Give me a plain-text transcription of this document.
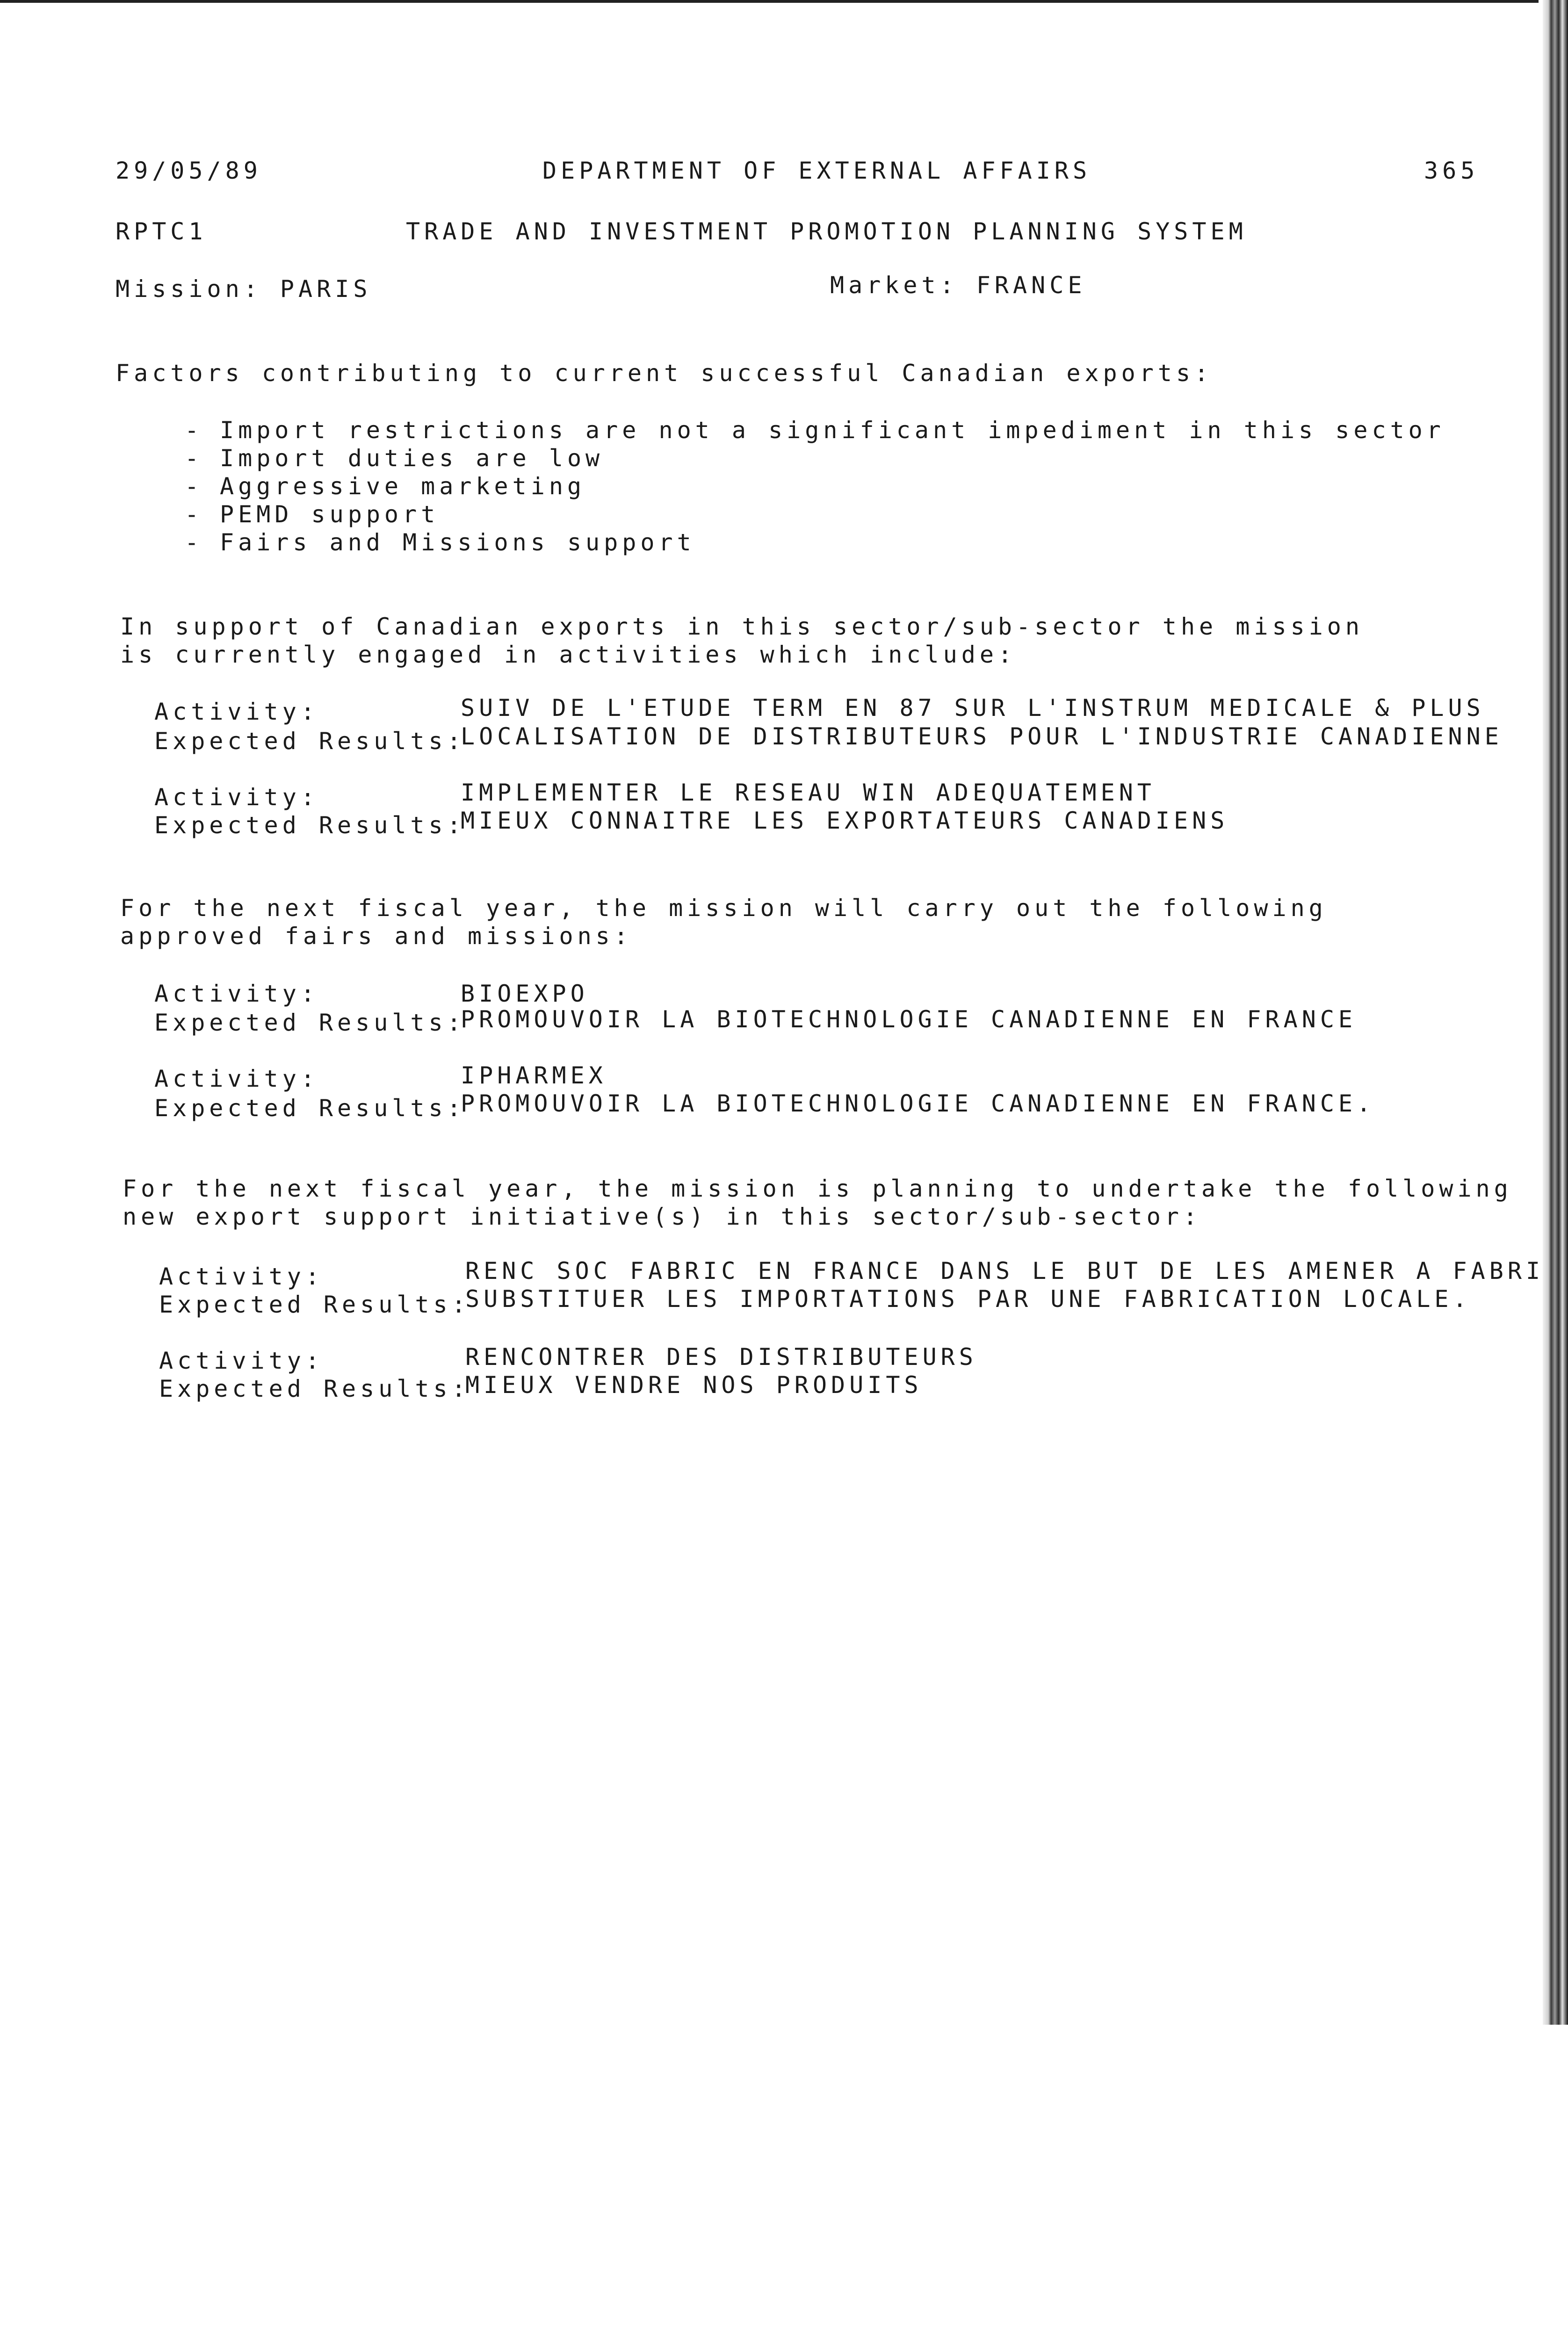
29/05/89

	DEPARTMENT OF EXTERNAL AFFAIRS

	365

RPTC1

	TRADE AND INVESTMENT PROMOTION PLANNING SYSTEM

Mission: PARIS

	Market: FRANCE

Factors contributing to current successful Canadian exports:

-

Import restrictions are not a significant impediment in this sector

-

Import duties are low

-

Aggressive marketing

-

PEMD support

-

Fairs and Missions support

In support of Canadian exports in this sector/sub-sector the mission

is currently engaged in activities which include:

Activity:

	SUIV DE L'ETUDE TERM EN 87 SUR L'INSTRUM MEDICALE & PLUS

Expected Results:

LOCALISATION DE DISTRIBUTEURS POUR L'INDUSTRIE CANADIENNE

Activity:

	IMPLEMENTER LE RESEAU WIN ADEQUATEMENT

Expected Results:

MIEUX CONNAITRE LES EXPORTATEURS CANADIENS

For the next fiscal year, the mission will carry out the following

approved fairs and missions:

Activity:

	BIOEXPO

Expected Results:

PROMOUVOIR LA BIOTECHNOLOGIE CANADIENNE EN FRANCE

Activity:

	IPHARMEX

Expected Results:

PROMOUVOIR LA BIOTECHNOLOGIE CANADIENNE EN FRANCE.

For the next fiscal year, the mission is planning to undertake the following

new export support initiative(s) in this sector/sub-sector:

Activity:

	RENC SOC FABRIC EN FRANCE DANS LE BUT DE LES AMENER A FABRI

Expected Results:

SUBSTITUER LES IMPORTATIONS PAR UNE FABRICATION LOCALE.

Activity:

	RENCONTRER DES DISTRIBUTEURS

Expected Results:

MIEUX VENDRE NOS PRODUITS
